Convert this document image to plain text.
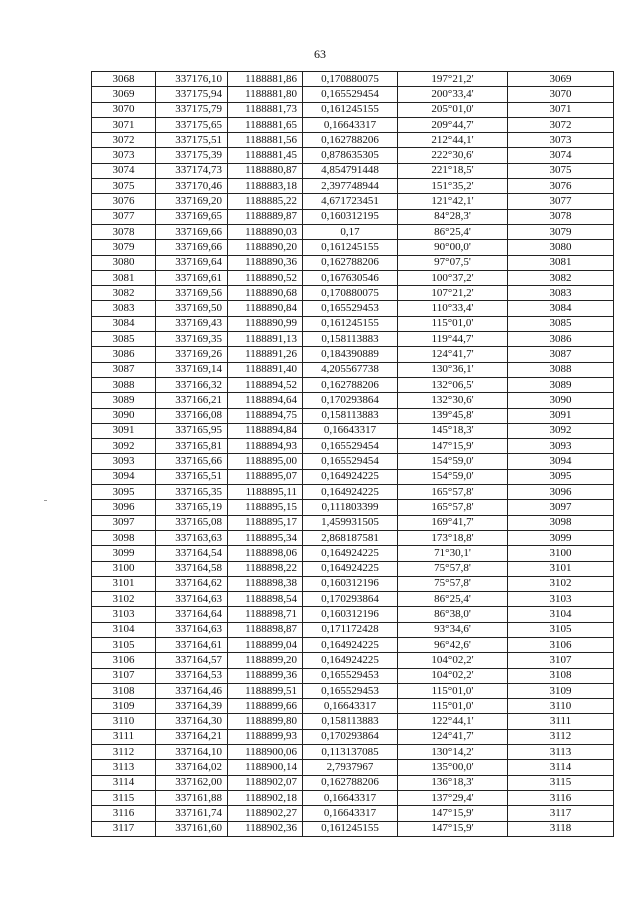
63
3068	337176,10	1188881,86	0,170880075	197°21,2'	3069
3069	337175,94	1188881,80	0,165529454	200°33,4'	3070
3070	337175,79	1188881,73	0,161245155	205°01,0'	3071
3071	337175,65	1188881,65	0,16643317	209°44,7'	3072
3072	337175,51	1188881,56	0,162788206	212°44,1'	3073
3073	337175,39	1188881,45	0,878635305	222°30,6'	3074
3074	337174,73	1188880,87	4,854791448	221°18,5'	3075
3075	337170,46	1188883,18	2,397748944	151°35,2'	3076
3076	337169,20	1188885,22	4,671723451	121°42,1'	3077
3077	337169,65	1188889,87	0,160312195	84°28,3'	3078
3078	337169,66	1188890,03	0,17	86°25,4'	3079
3079	337169,66	1188890,20	0,161245155	90°00,0'	3080
3080	337169,64	1188890,36	0,162788206	97°07,5'	3081
3081	337169,61	1188890,52	0,167630546	100°37,2'	3082
3082	337169,56	1188890,68	0,170880075	107°21,2'	3083
3083	337169,50	1188890,84	0,165529453	110°33,4'	3084
3084	337169,43	1188890,99	0,161245155	115°01,0'	3085
3085	337169,35	1188891,13	0,158113883	119°44,7'	3086
3086	337169,26	1188891,26	0,184390889	124°41,7'	3087
3087	337169,14	1188891,40	4,205567738	130°36,1'	3088
3088	337166,32	1188894,52	0,162788206	132°06,5'	3089
3089	337166,21	1188894,64	0,170293864	132°30,6'	3090
3090	337166,08	1188894,75	0,158113883	139°45,8'	3091
3091	337165,95	1188894,84	0,16643317	145°18,3'	3092
3092	337165,81	1188894,93	0,165529454	147°15,9'	3093
3093	337165,66	1188895,00	0,165529454	154°59,0'	3094
3094	337165,51	1188895,07	0,164924225	154°59,0'	3095
3095	337165,35	1188895,11	0,164924225	165°57,8'	3096
3096	337165,19	1188895,15	0,111803399	165°57,8'	3097
3097	337165,08	1188895,17	1,459931505	169°41,7'	3098
3098	337163,63	1188895,34	2,868187581	173°18,8'	3099
3099	337164,54	1188898,06	0,164924225	71°30,1'	3100
3100	337164,58	1188898,22	0,164924225	75°57,8'	3101
3101	337164,62	1188898,38	0,160312196	75°57,8'	3102
3102	337164,63	1188898,54	0,170293864	86°25,4'	3103
3103	337164,64	1188898,71	0,160312196	86°38,0'	3104
3104	337164,63	1188898,87	0,171172428	93°34,6'	3105
3105	337164,61	1188899,04	0,164924225	96°42,6'	3106
3106	337164,57	1188899,20	0,164924225	104°02,2'	3107
3107	337164,53	1188899,36	0,165529453	104°02,2'	3108
3108	337164,46	1188899,51	0,165529453	115°01,0'	3109
3109	337164,39	1188899,66	0,16643317	115°01,0'	3110
3110	337164,30	1188899,80	0,158113883	122°44,1'	3111
3111	337164,21	1188899,93	0,170293864	124°41,7'	3112
3112	337164,10	1188900,06	0,113137085	130°14,2'	3113
3113	337164,02	1188900,14	2,7937967	135°00,0'	3114
3114	337162,00	1188902,07	0,162788206	136°18,3'	3115
3115	337161,88	1188902,18	0,16643317	137°29,4'	3116
3116	337161,74	1188902,27	0,16643317	147°15,9'	3117
3117	337161,60	1188902,36	0,161245155	147°15,9'	3118
